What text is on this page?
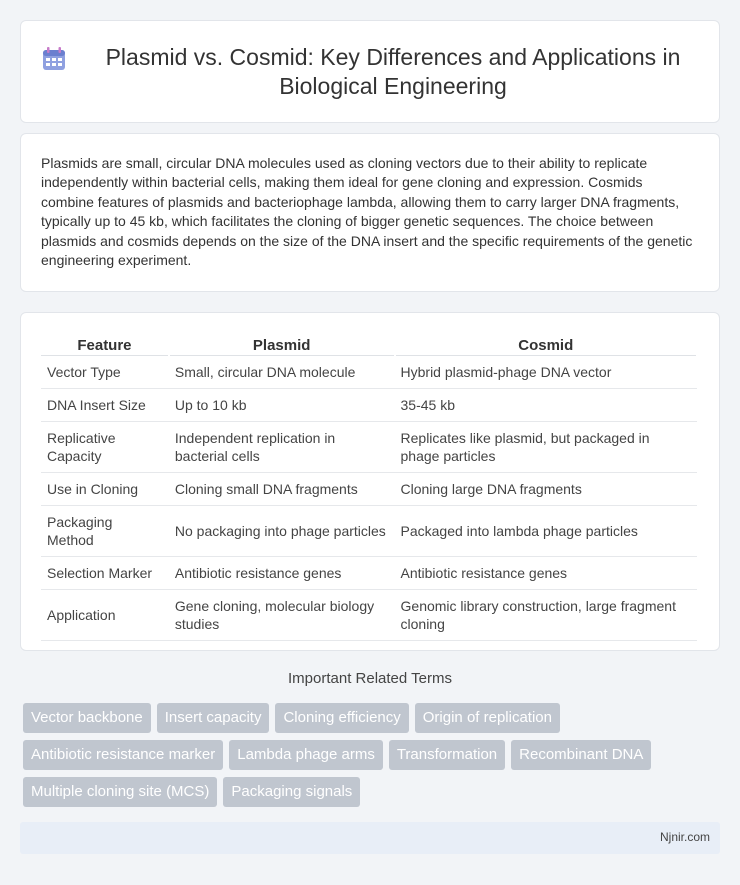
Plasmid vs. Cosmid: Key Differences and Applications in Biological Engineering

Plasmids are small, circular DNA molecules used as cloning vectors due to their ability to replicate independently within bacterial cells, making them ideal for gene cloning and expression. Cosmids combine features of plasmids and bacteriophage lambda, allowing them to carry larger DNA fragments, typically up to 45 kb, which facilitates the cloning of bigger genetic sequences. The choice between plasmids and cosmids depends on the size of the DNA insert and the specific requirements of the genetic engineering experiment.

Feature	Plasmid	Cosmid
Vector Type	Small, circular DNA molecule	Hybrid plasmid-phage DNA vector
DNA Insert Size	Up to 10 kb	35-45 kb
Replicative Capacity	Independent replication in bacterial cells	Replicates like plasmid, but packaged in phage particles
Use in Cloning	Cloning small DNA fragments	Cloning large DNA fragments
Packaging Method	No packaging into phage particles	Packaged into lambda phage particles
Selection Marker	Antibiotic resistance genes	Antibiotic resistance genes
Application	Gene cloning, molecular biology studies	Genomic library construction, large fragment cloning
Important Related Terms
Vector backbone	Insert capacity	Cloning efficiency	Origin of replication
Antibiotic resistance marker	Lambda phage arms	Transformation	Recombinant DNA
Multiple cloning site (MCS)	Packaging signals
Njnir.com
